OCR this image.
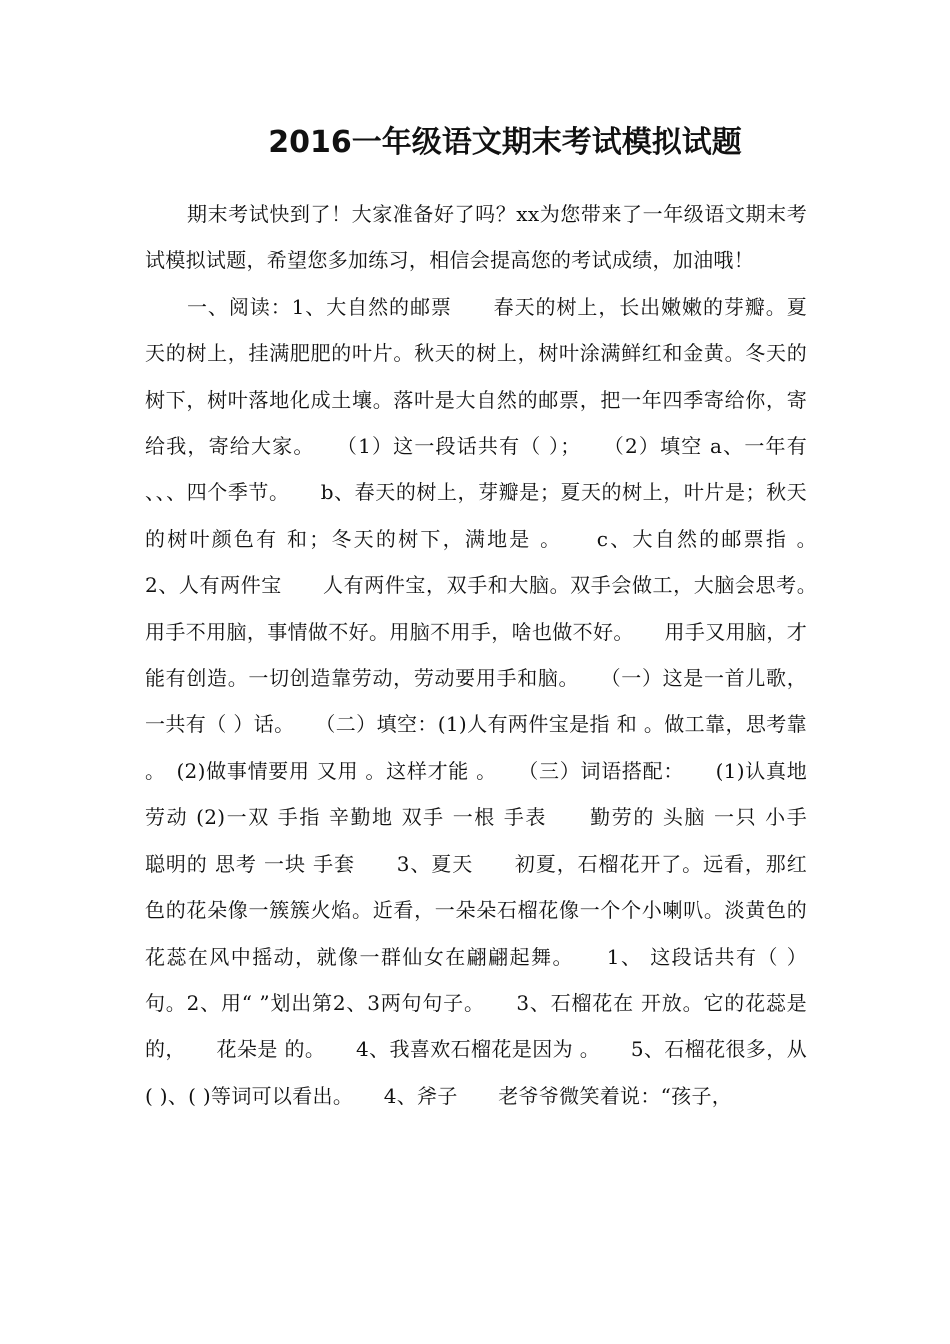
2016一年级语文期末考试模拟试题

期末考试快到了！大家准备好了吗？xx为您带来了一年级语文期末考试模拟试题，希望您多加练习，相信会提高您的考试成绩，加油哦！

一、阅读：1、大自然的邮票　　春天的树上，长出嫩嫩的芽瓣。夏天的树上，挂满肥肥的叶片。秋天的树上，树叶涂满鲜红和金黄。冬天的树下，树叶落地化成土壤。落叶是大自然的邮票，把一年四季寄给你，寄给我，寄给大家。　　（1）这一段话共有（ ）；　　（2）填空 a、一年有 、、、四个季节。　　b、春天的树上，芽瓣是；夏天的树上，叶片是；秋天的树叶颜色有 和；冬天的树下，满地是 。　　c、大自然的邮票指 。　　2、人有两件宝　　人有两件宝，双手和大脑。双手会做工，大脑会思考。　　用手不用脑，事情做不好。用脑不用手，啥也做不好。　　用手又用脑，才能有创造。一切创造靠劳动，劳动要用手和脑。　　（一）这是一首儿歌，一共有（ ）话。　　（二）填空：(1)人有两件宝是指 和 。做工靠，思考靠 。　(2)做事情要用 又用 。这样才能 。　　（三）词语搭配：　　(1)认真地 劳动 (2)一双 手指 辛勤地 双手 一根 手表　　勤劳的 头脑 一只 小手　　聪明的 思考 一块 手套　　3、夏天　　初夏，石榴花开了。远看，那红色的花朵像一簇簇火焰。近看，一朵朵石榴花像一个个小喇叭。淡黄色的花蕊在风中摇动，就像一群仙女在翩翩起舞。　　1、 这段话共有（ ）句。2、用“ ”划出第2、3两句句子。　　3、石榴花在 开放。它的花蕊是 的，　　花朵是 的。　　4、我喜欢石榴花是因为 。　　5、石榴花很多，从( )、( )等词可以看出。　　4、斧子　　老爷爷微笑着说：“孩子，
